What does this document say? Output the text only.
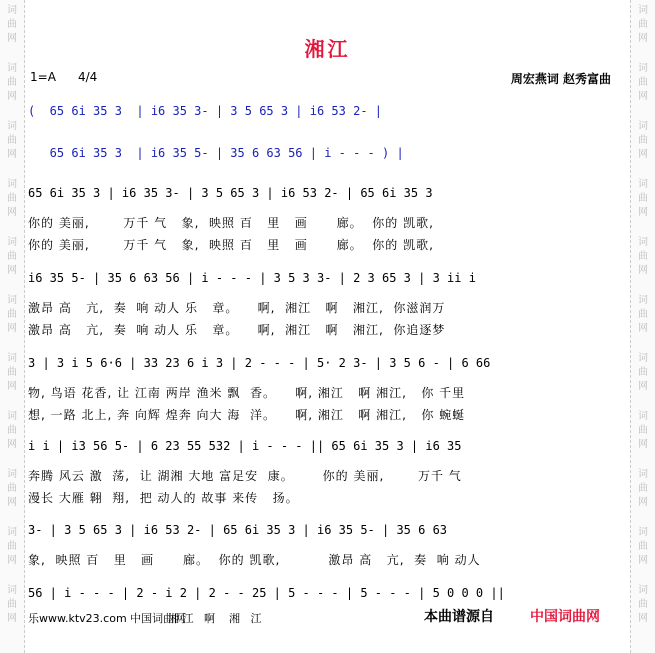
湘江
1=A 4/4	周宏燕词 赵秀富曲
(  65 6i 35 3  | i6 35 3- | 3 5 65 3 | i6 53 2- |
65 6i 35 3  | i6 35 5- | 35 6 63 56 | i - - - ) |
65 6i 35 3 | i6 35 3- | 3 5 65 3 | i6 53 2- | 65 6i 35 3
你的 美丽,       万千 气   象,  映照 百   里   画      廊。  你的 凯歌,
你的 美丽,       万千 气   象,  映照 百   里   画      廊。  你的 凯歌,
i6 35 5- | 35 6 63 56 | i - - - | 3 5 3 3- | 2 3 65 3 | 3 ii i
激昂 高   亢,  奏  响 动人 乐   章。    啊,  湘江   啊   湘江,  你滋润万
激昂 高   亢,  奏  响 动人 乐   章。    啊,  湘江   啊   湘江,  你追逐梦
3 | 3 i 5 6·6 | 33 23 6 i 3 | 2 - - - | 5· 2 3- | 3 5 6 - | 6 66
物, 鸟语 花香, 让 江南 两岸 渔米 飘  香。    啊, 湘江   啊 湘江,   你 千里
想, 一路 北上, 奔 向辉 煌奔 向大 海  洋。    啊, 湘江   啊 湘江,   你 蜿蜒
i i | i3 56 5- | 6 23 55 532 | i - - - || 65 6i 35 3 | i6 35
奔腾 风云 激  荡,  让 湖湘 大地 富足安  康。      你的 美丽,       万千 气
漫长 大雁 翱  翔,  把 动人的 故事 来传   扬。
3- | 3 5 65 3 | i6 53 2- | 65 6i 35 3 | i6 35 5- | 35 6 63
象,  映照 百   里   画      廊。  你的 凯歌,          激昂 高   亢,  奏  响 动人
56 | i - - - | 2 - i 2 | 2 - - 25 | 5 - - - | 5 - - - | 5 0 0 0 ||
乐www.ktv23.com 中国词曲网
湘 江   啊    湘   江	本曲谱源自	中国词曲网
词
曲
网
词
曲
网
词
曲
网
词
曲
网
词
曲
网
词
曲
网
词
曲
网
词
曲
网
词
曲
网
词
曲
网
词
曲
网
词
曲
网
词
曲
网
词
曲
网
词
曲
网
词
曲
网
词
曲
网
词
曲
网
词
曲
网
词
曲
网
词
曲
网
词
曲
网
